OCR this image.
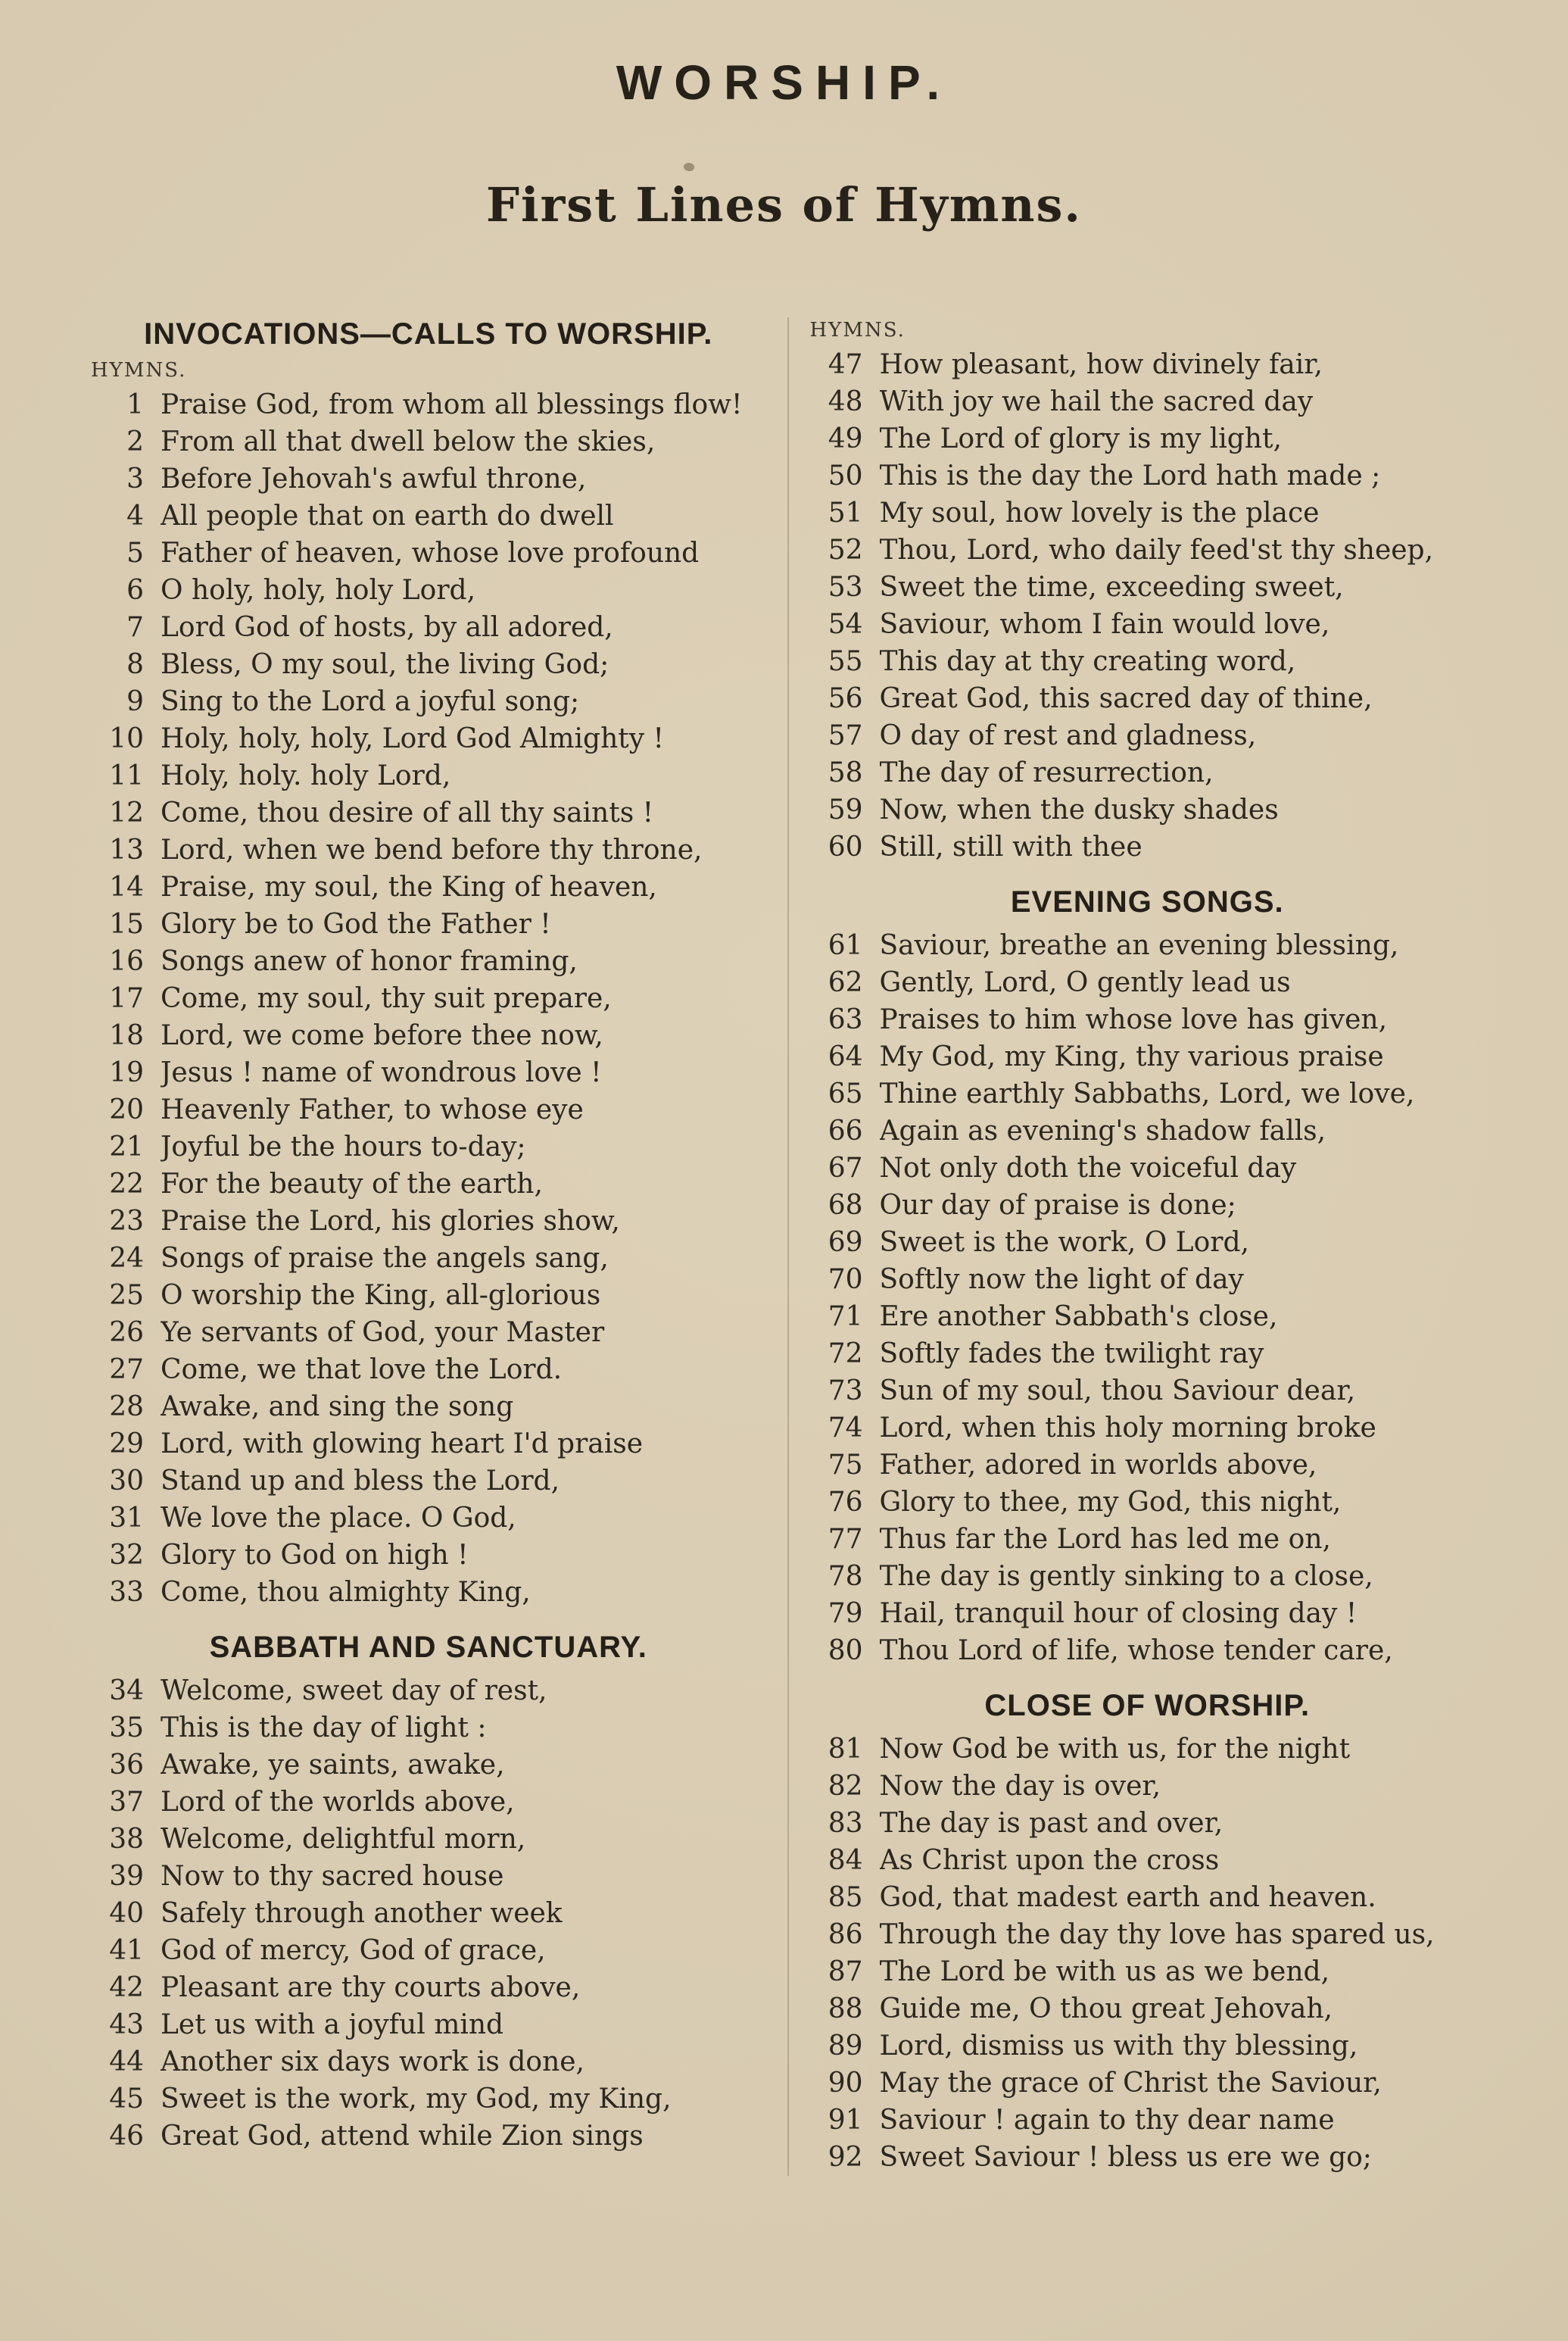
WORSHIP.
First Lines of Hymns.
INVOCATIONS—CALLS TO WORSHIP.
HYMNS.
1 Praise God, from whom all blessings flow!
2 From all that dwell below the skies,
3 Before Jehovah's awful throne,
4 All people that on earth do dwell
5 Father of heaven, whose love profound
6 O holy, holy, holy Lord,
7 Lord God of hosts, by all adored,
8 Bless, O my soul, the living God;
9 Sing to the Lord a joyful song;
10 Holy, holy, holy, Lord God Almighty !
11 Holy, holy. holy Lord,
12 Come, thou desire of all thy saints !
13 Lord, when we bend before thy throne,
14 Praise, my soul, the King of heaven,
15 Glory be to God the Father !
16 Songs anew of honor framing,
17 Come, my soul, thy suit prepare,
18 Lord, we come before thee now,
19 Jesus ! name of wondrous love !
20 Heavenly Father, to whose eye
21 Joyful be the hours to-day;
22 For the beauty of the earth,
23 Praise the Lord, his glories show,
24 Songs of praise the angels sang,
25 O worship the King, all-glorious
26 Ye servants of God, your Master
27 Come, we that love the Lord.
28 Awake, and sing the song
29 Lord, with glowing heart I'd praise
30 Stand up and bless the Lord,
31 We love the place. O God,
32 Glory to God on high !
33 Come, thou almighty King,
SABBATH AND SANCTUARY.
34 Welcome, sweet day of rest,
35 This is the day of light :
36 Awake, ye saints, awake,
37 Lord of the worlds above,
38 Welcome, delightful morn,
39 Now to thy sacred house
40 Safely through another week
41 God of mercy, God of grace,
42 Pleasant are thy courts above,
43 Let us with a joyful mind
44 Another six days work is done,
45 Sweet is the work, my God, my King,
46 Great God, attend while Zion sings
HYMNS.
47 How pleasant, how divinely fair,
48 With joy we hail the sacred day
49 The Lord of glory is my light,
50 This is the day the Lord hath made ;
51 My soul, how lovely is the place
52 Thou, Lord, who daily feed'st thy sheep,
53 Sweet the time, exceeding sweet,
54 Saviour, whom I fain would love,
55 This day at thy creating word,
56 Great God, this sacred day of thine,
57 O day of rest and gladness,
58 The day of resurrection,
59 Now, when the dusky shades
60 Still, still with thee
EVENING SONGS.
61 Saviour, breathe an evening blessing,
62 Gently, Lord, O gently lead us
63 Praises to him whose love has given,
64 My God, my King, thy various praise
65 Thine earthly Sabbaths, Lord, we love,
66 Again as evening's shadow falls,
67 Not only doth the voiceful day
68 Our day of praise is done;
69 Sweet is the work, O Lord,
70 Softly now the light of day
71 Ere another Sabbath's close,
72 Softly fades the twilight ray
73 Sun of my soul, thou Saviour dear,
74 Lord, when this holy morning broke
75 Father, adored in worlds above,
76 Glory to thee, my God, this night,
77 Thus far the Lord has led me on,
78 The day is gently sinking to a close,
79 Hail, tranquil hour of closing day !
80 Thou Lord of life, whose tender care,
CLOSE OF WORSHIP.
81 Now God be with us, for the night
82 Now the day is over,
83 The day is past and over,
84 As Christ upon the cross
85 God, that madest earth and heaven.
86 Through the day thy love has spared us,
87 The Lord be with us as we bend,
88 Guide me, O thou great Jehovah,
89 Lord, dismiss us with thy blessing,
90 May the grace of Christ the Saviour,
91 Saviour ! again to thy dear name
92 Sweet Saviour ! bless us ere we go;
